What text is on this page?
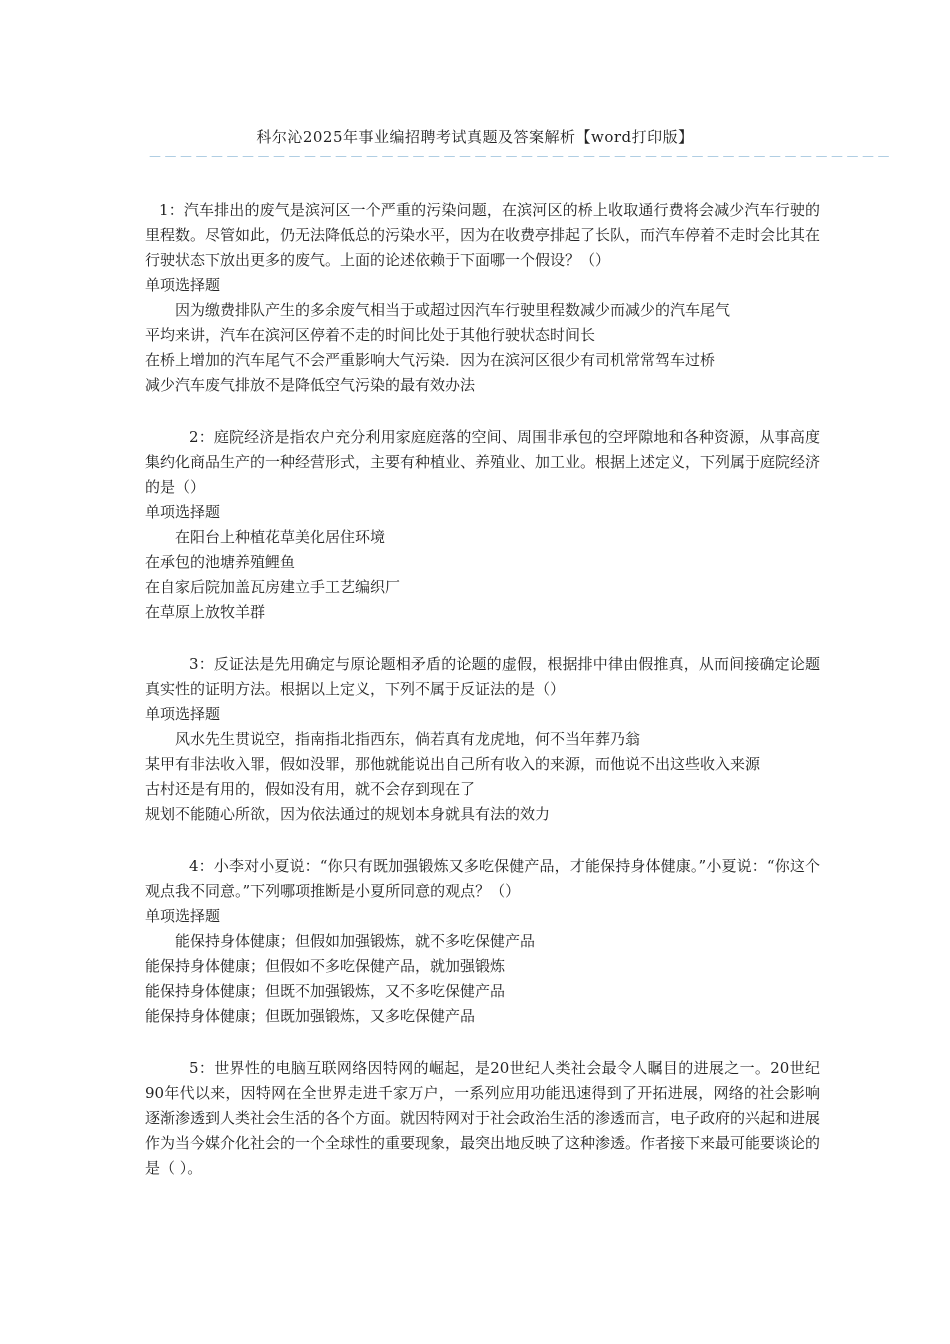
科尔沁2025年事业编招聘考试真题及答案解析【word打印版】
－－－－－－－－－－－－－－－－－－－－－－－－－－－－－－－－－－－－－－－－－－－－－－－－

1：汽车排出的废气是滨河区一个严重的污染问题，在滨河区的桥上收取通行费将会减少汽车行驶的里程数。尽管如此，仍无法降低总的污染水平，因为在收费亭排起了长队，而汽车停着不走时会比其在行驶状态下放出更多的废气。上面的论述依赖于下面哪一个假设？（）

单项选择题

因为缴费排队产生的多余废气相当于或超过因汽车行驶里程数减少而减少的汽车尾气

平均来讲，汽车在滨河区停着不走的时间比处于其他行驶状态时间长

在桥上增加的汽车尾气不会严重影响大气污染．因为在滨河区很少有司机常常驾车过桥

减少汽车废气排放不是降低空气污染的最有效办法

2：庭院经济是指农户充分利用家庭庭落的空间、周围非承包的空坪隙地和各种资源，从事高度集约化商品生产的一种经营形式，主要有种植业、养殖业、加工业。根据上述定义，下列属于庭院经济的是（）

单项选择题

在阳台上种植花草美化居住环境

在承包的池塘养殖鲤鱼

在自家后院加盖瓦房建立手工艺编织厂

在草原上放牧羊群

3：反证法是先用确定与原论题相矛盾的论题的虚假，根据排中律由假推真，从而间接确定论题真实性的证明方法。根据以上定义，下列不属于反证法的是（）

单项选择题

风水先生贯说空，指南指北指西东，倘若真有龙虎地，何不当年葬乃翁

某甲有非法收入罪，假如没罪，那他就能说出自己所有收入的来源，而他说不出这些收入来源

古村还是有用的，假如没有用，就不会存到现在了

规划不能随心所欲，因为依法通过的规划本身就具有法的效力

4：小李对小夏说：“你只有既加强锻炼又多吃保健产品，才能保持身体健康。”小夏说：“你这个观点我不同意。”下列哪项推断是小夏所同意的观点？（）

单项选择题

能保持身体健康；但假如加强锻炼，就不多吃保健产品

能保持身体健康；但假如不多吃保健产品，就加强锻炼

能保持身体健康；但既不加强锻炼，又不多吃保健产品

能保持身体健康；但既加强锻炼，又多吃保健产品

5：世界性的电脑互联网络因特网的崛起，是20世纪人类社会最令人瞩目的进展之一。20世纪90年代以来，因特网在全世界走进千家万户，一系列应用功能迅速得到了开拓进展，网络的社会影响逐渐渗透到人类社会生活的各个方面。就因特网对于社会政治生活的渗透而言，电子政府的兴起和进展作为当今媒介化社会的一个全球性的重要现象，最突出地反映了这种渗透。作者接下来最可能要谈论的是（ ）。
